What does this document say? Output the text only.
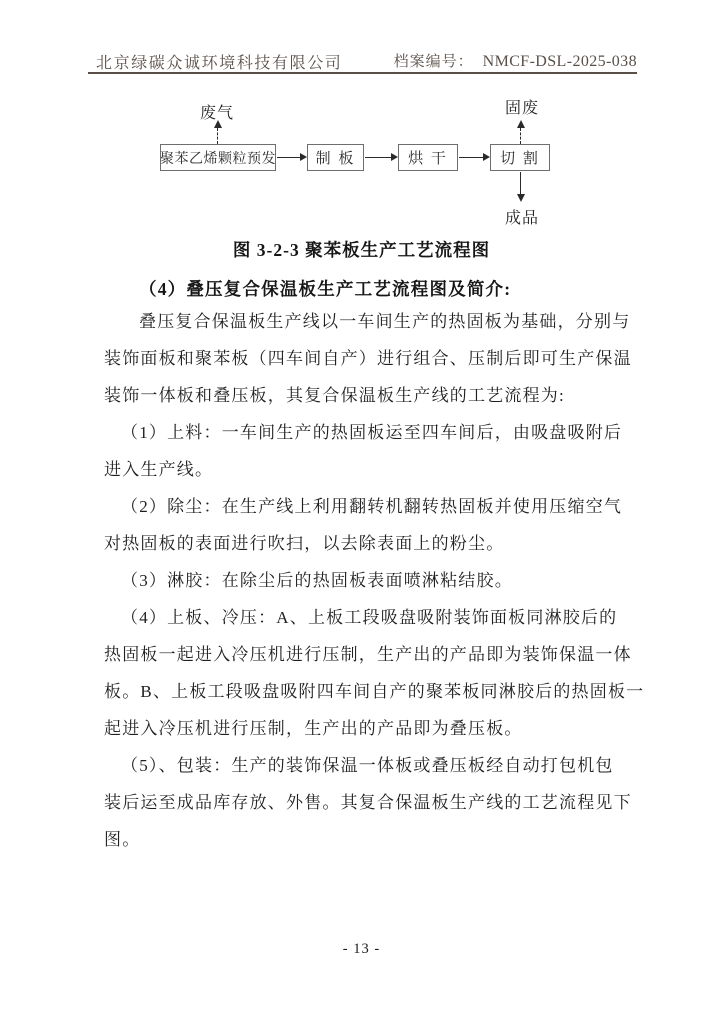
北京绿碳众诚环境科技有限公司	档案编号： NMCF-DSL-2025-038
废气
聚苯乙烯颗粒预发	制 板	烘 干	切 割
固废
成品
图 3-2-3 聚苯板生产工艺流程图
（4）叠压复合保温板生产工艺流程图及简介:
叠压复合保温板生产线以一车间生产的热固板为基础，分别与
装饰面板和聚苯板（四车间自产）进行组合、压制后即可生产保温
装饰一体板和叠压板，其复合保温板生产线的工艺流程为:
（1）上料：一车间生产的热固板运至四车间后，由吸盘吸附后
进入生产线。
（2）除尘：在生产线上利用翻转机翻转热固板并使用压缩空气
对热固板的表面进行吹扫，以去除表面上的粉尘。
（3）淋胶：在除尘后的热固板表面喷淋粘结胶。
（4）上板、冷压：A、上板工段吸盘吸附装饰面板同淋胶后的
热固板一起进入冷压机进行压制，生产出的产品即为装饰保温一体
板。B、上板工段吸盘吸附四车间自产的聚苯板同淋胶后的热固板一
起进入冷压机进行压制，生产出的产品即为叠压板。
（5）、包装：生产的装饰保温一体板或叠压板经自动打包机包
装后运至成品库存放、外售。其复合保温板生产线的工艺流程见下
图。
- 13 -
